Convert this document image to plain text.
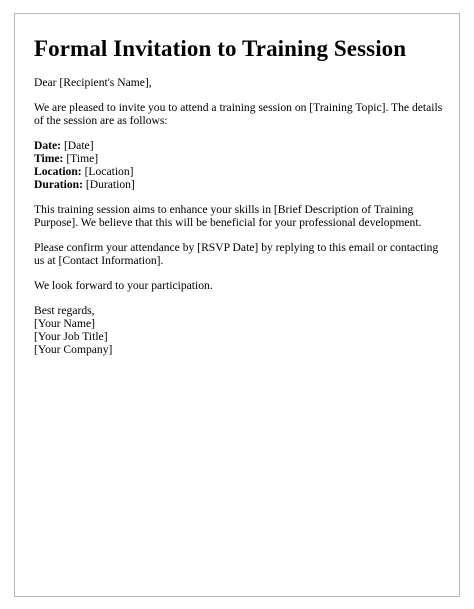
Formal Invitation to Training Session

Dear [Recipient's Name],

We are pleased to invite you to attend a training session on [Training Topic]. The details of the session are as follows:

Date: [Date]
Time: [Time]
Location: [Location]
Duration: [Duration]

This training session aims to enhance your skills in [Brief Description of Training Purpose]. We believe that this will be beneficial for your professional development.

Please confirm your attendance by [RSVP Date] by replying to this email or contacting us at [Contact Information].

We look forward to your participation.

Best regards,
[Your Name]
[Your Job Title]
[Your Company]
